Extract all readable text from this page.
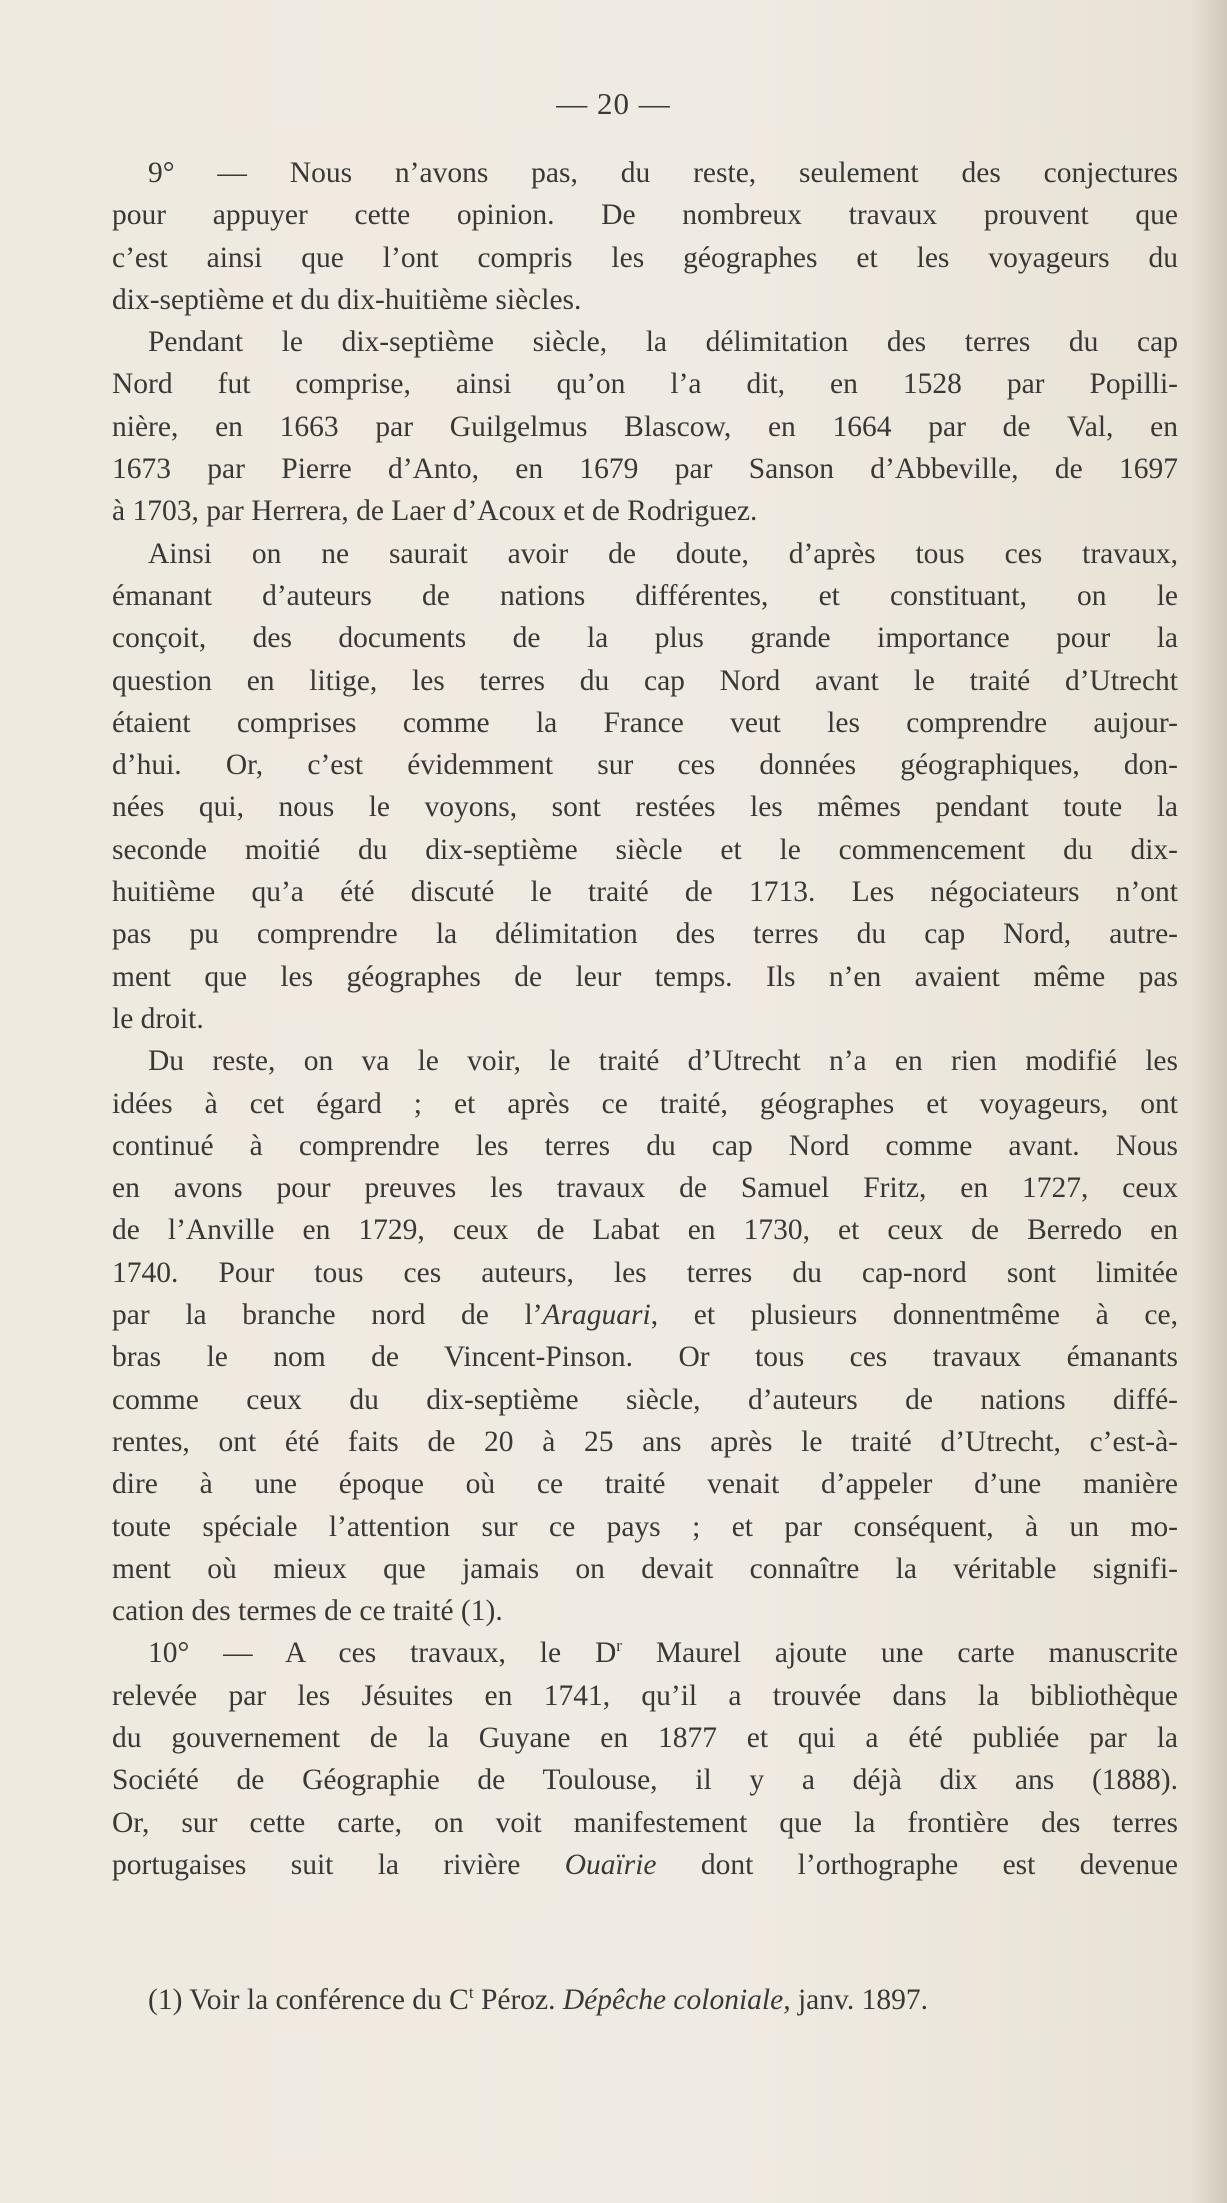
— 20 —

9° — Nous n’avons pas, du reste, seulement des conjectures
pour appuyer cette opinion. De nombreux travaux prouvent que
c’est ainsi que l’ont compris les géographes et les voyageurs du
dix-septième et du dix-huitième siècles.

Pendant le dix-septième siècle, la délimitation des terres du cap
Nord fut comprise, ainsi qu’on l’a dit, en 1528 par Popilli-
nière, en 1663 par Guilgelmus Blascow, en 1664 par de Val, en
1673 par Pierre d’Anto, en 1679 par Sanson d’Abbeville, de 1697
à 1703, par Herrera, de Laer d’Acoux et de Rodriguez.

Ainsi on ne saurait avoir de doute, d’après tous ces travaux,
émanant d’auteurs de nations différentes, et constituant, on le
conçoit, des documents de la plus grande importance pour la
question en litige, les terres du cap Nord avant le traité d’Utrecht
étaient comprises comme la France veut les comprendre aujour-
d’hui. Or, c’est évidemment sur ces données géographiques, don-
nées qui, nous le voyons, sont restées les mêmes pendant toute la
seconde moitié du dix-septième siècle et le commencement du dix-
huitième qu’a été discuté le traité de 1713. Les négociateurs n’ont
pas pu comprendre la délimitation des terres du cap Nord, autre-
ment que les géographes de leur temps. Ils n’en avaient même pas
le droit.

Du reste, on va le voir, le traité d’Utrecht n’a en rien modifié les
idées à cet égard ; et après ce traité, géographes et voyageurs, ont
continué à comprendre les terres du cap Nord comme avant. Nous
en avons pour preuves les travaux de Samuel Fritz, en 1727, ceux
de l’Anville en 1729, ceux de Labat en 1730, et ceux de Berredo en
1740. Pour tous ces auteurs, les terres du cap-nord sont limitée
par la branche nord de l’Araguari, et plusieurs donnentmême à ce,
bras le nom de Vincent-Pinson. Or tous ces travaux émanants
comme ceux du dix-septième siècle, d’auteurs de nations diffé-
rentes, ont été faits de 20 à 25 ans après le traité d’Utrecht, c’est-à-
dire à une époque où ce traité venait d’appeler d’une manière
toute spéciale l’attention sur ce pays ; et par conséquent, à un mo-
ment où mieux que jamais on devait connaître la véritable signifi-
cation des termes de ce traité (1).

10° — A ces travaux, le $D^r$ Maurel ajoute une carte manuscrite
relevée par les Jésuites en 1741, qu’il a trouvée dans la bibliothèque
du gouvernement de la Guyane en 1877 et qui a été publiée par la
Société de Géographie de Toulouse, il y a déjà dix ans (1888).
Or, sur cette carte, on voit manifestement que la frontière des terres
portugaises suit la rivière Ouaïrie dont l’orthographe est devenue

(1) Voir la conférence du $C^t$ Péroz. Dépêche coloniale, janv. 1897.
